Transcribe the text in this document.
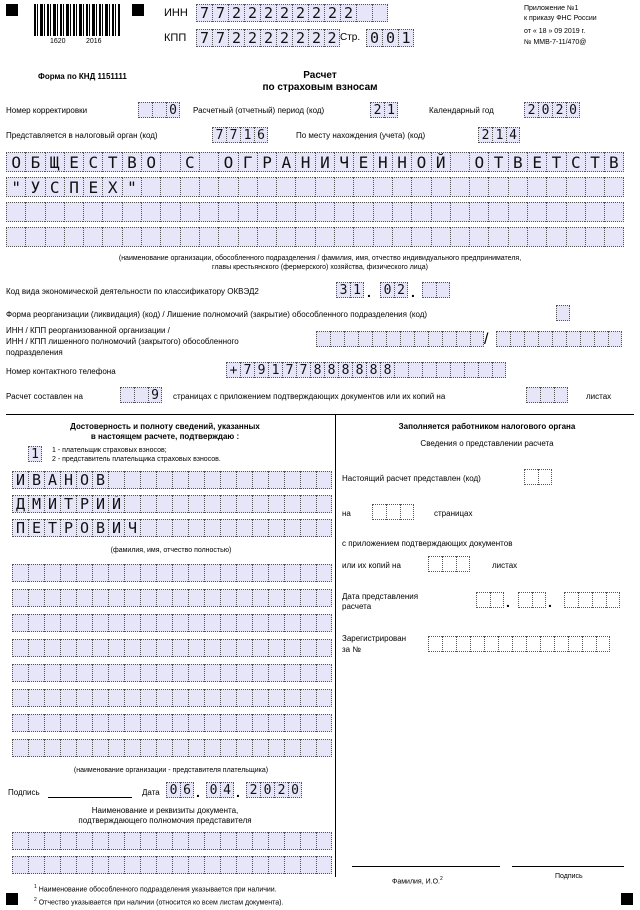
1620	2016
ИНН 7 7 2 2 2 2 2 2 2 2
КПП 7 7 2 2 2 2 2 2 2 Стр. 0 0 1
Приложение №1
к приказу ФНС России
от « 18 » 09 2019 г.
№ ММВ-7-11/470@
Форма по КНД 1151111	Расчет
по страховым взносам
Номер корректировки	0	Расчетный (отчетный) период (код)	2 1	Календарный год	2 0 2 0
Представляется в налоговый орган (код)	7 7 1 6	По месту нахождения (учета) (код)	2 1 4
О Б Щ Е С Т В О	С	О Г Р А Н И Ч Е Н Н О Й	О Т В Е Т С Т В
" У С П Е Х "
(наименование организации, обособленного подразделения / фамилия, имя, отчество индивидуального предпринимателя,
главы крестьянского (фермерского) хозяйства, физического лица)
Код вида экономической деятельности по классификатору ОКВЭД2	3 1 . 0 2 .
Форма реорганизации (ликвидация) (код) / Лишение полномочий (закрытие) обособленного подразделения (код)
ИНН / КПП реорганизованной организации /
ИНН / КПП лишенного полномочий (закрытого) обособленного
подразделения
/
Номер контактного телефона	+ 7 9 1 7 7 8 8 8 8 8 8
Расчет составлен на	9	страницах с приложением подтверждающих документов или их копий на	листах
Достоверность и полноту сведений, указанных
в настоящем расчете, подтверждаю :
1	1 - плательщик страховых взносов;
2 - представитель плательщика страховых взносов.
И В А Н О В
Д М И Т Р И Й
П Е Т Р О В И Ч
(фамилия, имя, отчество полностью)
(наименование организации - представителя плательщика)
Подпись	Дата 0 6 . 0 4 . 2 0 2 0
Наименование и реквизиты документа,
подтверждающего полномочия представителя
Заполняется работником налогового органа
Сведения о представлении расчета
Настоящий расчет представлен (код)
на	страницах
с приложением подтверждающих документов
или их копий на	листах
Дата представления
расчета	.	.
Зарегистрирован
за №
Фамилия, И.О.$^2$	Подпись
$^1$ Наименование обособленного подразделения указывается при наличии.
$^2$ Отчество указывается при наличии (относится ко всем листам документа).
